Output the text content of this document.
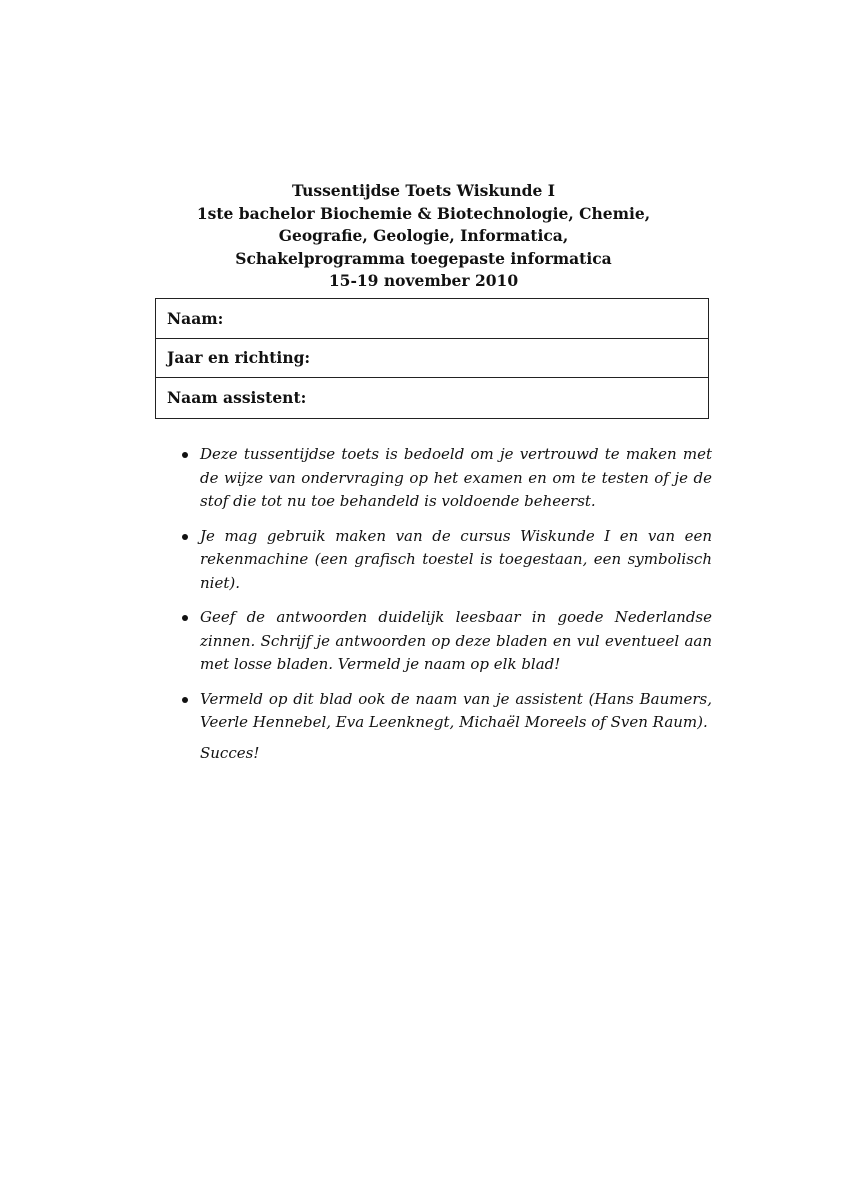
Tussentijdse Toets Wiskunde I
1ste bachelor Biochemie & Biotechnologie, Chemie,
Geografie, Geologie, Informatica,
Schakelprogramma toegepaste informatica
15-19 november 2010
Naam:
Jaar en richting:
Naam assistent:
Deze tussentijdse toets is bedoeld om je vertrouwd te maken met de wijze van ondervraging op het examen en om te testen of je de stof die tot nu toe behandeld is voldoende beheerst.
Je mag gebruik maken van de cursus Wiskunde I en van een rekenmachine (een grafisch toestel is toegestaan, een symbolisch niet).
Geef de antwoorden duidelijk leesbaar in goede Nederlandse zinnen. Schrijf je antwoorden op deze bladen en vul eventueel aan met losse bladen. Vermeld je naam op elk blad!
Vermeld op dit blad ook de naam van je assistent (Hans Baumers, Veerle Hennebel, Eva Leenknegt, Michaël Moreels of Sven Raum).
Succes!
